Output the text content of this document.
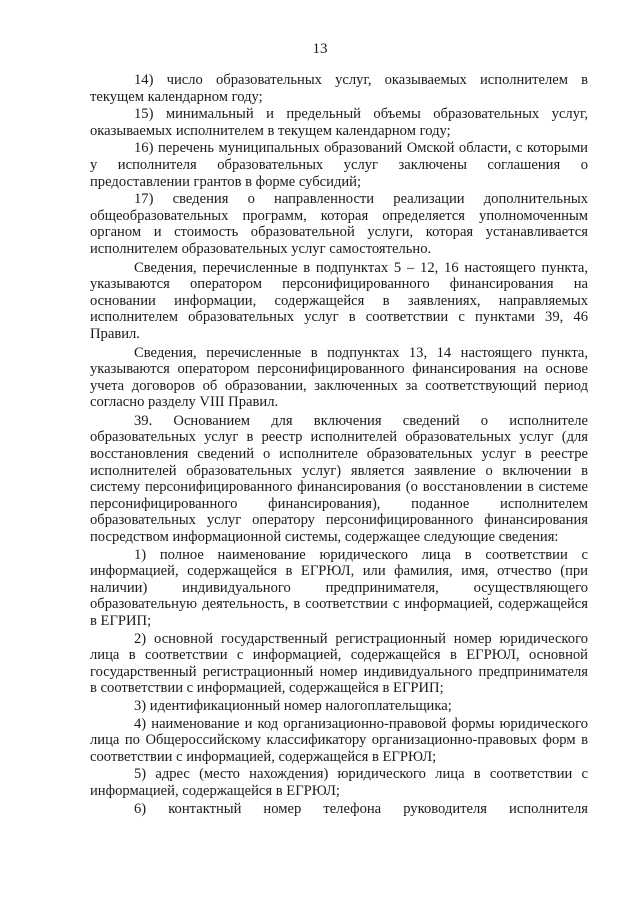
13

14) число образовательных услуг, оказываемых исполнителем в текущем календарном году;

15) минимальный и предельный объемы образовательных услуг, оказываемых исполнителем в текущем календарном году;

16) перечень муниципальных образований Омской области, с которыми у исполнителя образовательных услуг заключены соглашения о предоставлении грантов в форме субсидий;

17) сведения о направленности реализации дополнительных общеобразовательных программ, которая определяется уполномоченным органом и стоимость образовательной услуги, которая устанавливается исполнителем образовательных услуг самостоятельно.

Сведения, перечисленные в подпунктах 5 – 12, 16 настоящего пункта, указываются оператором персонифицированного финансирования на основании информации, содержащейся в заявлениях, направляемых исполнителем образовательных услуг в соответствии с пунктами 39, 46 Правил.

Сведения, перечисленные в подпунктах 13, 14 настоящего пункта, указываются оператором персонифицированного финансирования на основе учета договоров об образовании, заключенных за соответствующий период согласно разделу VIII Правил.

39. Основанием для включения сведений о исполнителе образовательных услуг в реестр исполнителей образовательных услуг (для восстановления сведений о исполнителе образовательных услуг в реестре исполнителей образовательных услуг) является заявление о включении в систему персонифицированного финансирования (о восстановлении в системе персонифицированного финансирования), поданное исполнителем образовательных услуг оператору персонифицированного финансирования посредством информационной системы, содержащее следующие сведения:

1) полное наименование юридического лица в соответствии с информацией, содержащейся в ЕГРЮЛ, или фамилия, имя, отчество (при наличии) индивидуального предпринимателя, осуществляющего образовательную деятельность, в соответствии с информацией, содержащейся в ЕГРИП;

2) основной государственный регистрационный номер юридического лица в соответствии с информацией, содержащейся в ЕГРЮЛ, основной государственный регистрационный номер индивидуального предпринимателя в соответствии с информацией, содержащейся в ЕГРИП;

3) идентификационный номер налогоплательщика;

4) наименование и код организационно-правовой формы юридического лица по Общероссийскому классификатору организационно-правовых форм в соответствии с информацией, содержащейся в ЕГРЮЛ;

5) адрес (место нахождения) юридического лица в соответствии с информацией, содержащейся в ЕГРЮЛ;

6) контактный номер телефона руководителя исполнителя
